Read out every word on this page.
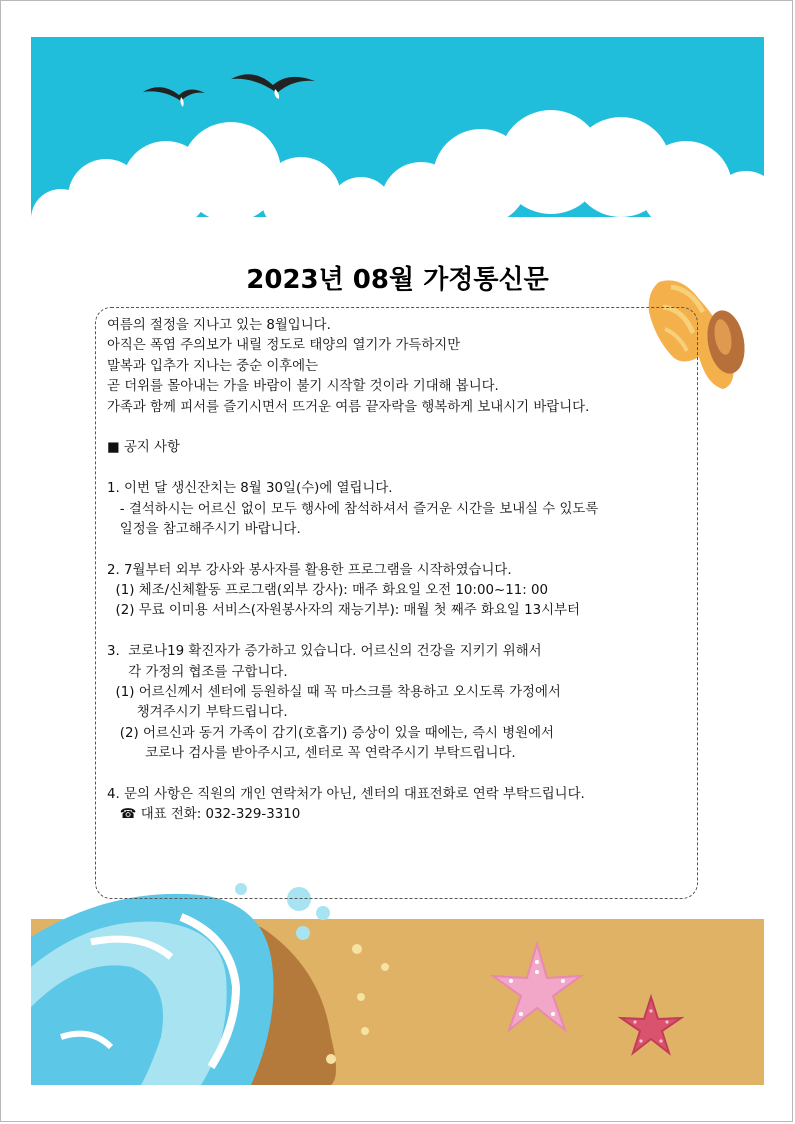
2023년 08월 가정통신문
여름의 절정을 지나고 있는 8월입니다.
아직은 폭염 주의보가 내릴 정도로 태양의 열기가 가득하지만
말복과 입추가 지나는 중순 이후에는
곧 더위를 몰아내는 가을 바람이 불기 시작할 것이라 기대해 봅니다.
가족과 함께 피서를 즐기시면서 뜨거운 여름 끝자락을 행복하게 보내시기 바랍니다.
■ 공지 사항
1. 이번 달 생신잔치는 8월 30일(수)에 열립니다.
- 결석하시는 어르신 없이 모두 행사에 참석하셔서 즐거운 시간을 보내실 수 있도록
일정을 참고해주시기 바랍니다.
2. 7월부터 외부 강사와 봉사자를 활용한 프로그램을 시작하였습니다.
(1) 체조/신체활동 프로그램(외부 강사): 매주 화요일 오전 10:00~11: 00
(2) 무료 이미용 서비스(자원봉사자의 재능기부): 매월 첫 째주 화요일 13시부터
3.  코로나19 확진자가 증가하고 있습니다. 어르신의 건강을 지키기 위해서
각 가정의 협조를 구합니다.
(1) 어르신께서 센터에 등원하실 때 꼭 마스크를 착용하고 오시도록 가정에서
챙겨주시기 부탁드립니다.
(2) 어르신과 동거 가족이 감기(호흡기) 증상이 있을 때에는, 즉시 병원에서
코로나 검사를 받아주시고, 센터로 꼭 연락주시기 부탁드립니다.
4. 문의 사항은 직원의 개인 연락처가 아닌, 센터의 대표전화로 연락 부탁드립니다.
☎ 대표 전화: 032-329-3310
